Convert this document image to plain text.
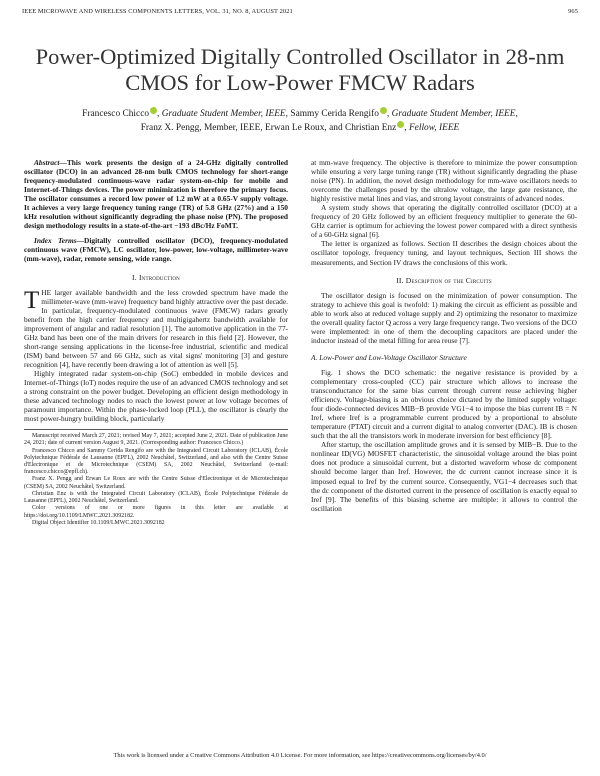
IEEE MICROWAVE AND WIRELESS COMPONENTS LETTERS, VOL. 31, NO. 8, AUGUST 2021	965
Power-Optimized Digitally Controlled Oscillator in 28-nm CMOS for Low-Power FMCW Radars
Francesco Chicco , Graduate Student Member, IEEE, Sammy Cerida Rengifo , Graduate Student Member, IEEE,
Franz X. Pengg, Member, IEEE, Erwan Le Roux, and Christian Enz , Fellow, IEEE

Abstract—This work presents the design of a 24-GHz digitally controlled oscillator (DCO) in an advanced 28-nm bulk CMOS technology for short-range frequency-modulated continuous-wave radar system-on-chip for mobile and Internet-of-Things devices. The power minimization is therefore the primary focus. The oscillator consumes a record low power of 1.2 mW at a 0.65-V supply voltage. It achieves a very large frequency tuning range (TR) of 5.8 GHz (27%) and a 150 kHz resolution without significantly degrading the phase noise (PN). The proposed design methodology results in a state-of-the-art −193 dBc/Hz FoMT.

Index Terms—Digitally controlled oscillator (DCO), frequency-modulated continuous wave (FMCW), LC oscillator, low-power, low-voltage, millimeter-wave (mm-wave), radar, remote sensing, wide range.

I. Introduction

THE larger available bandwidth and the less crowded spectrum have made the millimeter-wave (mm-wave) frequency band highly attractive over the past decade. In particular, frequency-modulated continuous wave (FMCW) radars greatly benefit from the high carrier frequency and multigigahertz bandwidth available for improvement of angular and radial resolution [1]. The automotive application in the 77-GHz band has been one of the main drivers for research in this field [2]. However, the short-range sensing applications in the license-free industrial, scientific and medical (ISM) band between 57 and 66 GHz, such as vital signs' monitoring [3] and gesture recognition [4], have recently been drawing a lot of attention as well [5].

Highly integrated radar system-on-chip (SoC) embedded in mobile devices and Internet-of-Things (IoT) nodes require the use of an advanced CMOS technology and set a strong constraint on the power budget. Developing an efficient design methodology in these advanced technology nodes to reach the lowest power at low voltage becomes of paramount importance. Within the phase-locked loop (PLL), the oscillator is clearly the most power-hungry building block, particularly

Manuscript received March 27, 2021; revised May 7, 2021; accepted June 2, 2021. Date of publication June 24, 2021; date of current version August 9, 2021. (Corresponding author: Francesco Chicco.)

Francesco Chicco and Sammy Cerida Rengifo are with the Integrated Circuit Laboratory (ICLAB), École Polytechnique Fédérale de Lausanne (EPFL), 2002 Neuchâtel, Switzerland, and also with the Centre Suisse d'Electronique et de Microtechnique (CSEM) SA, 2002 Neuchâtel, Switzerland (e-mail: francesco.chicco@epfl.ch).

Franz X. Pengg and Erwan Le Roux are with the Centre Suisse d'Electronique et de Microtechnique (CSEM) SA, 2002 Neuchâtel, Switzerland.

Christian Enz is with the Integrated Circuit Laboratory (ICLAB), École Polytechnique Fédérale de Lausanne (EPFL), 2002 Neuchâtel, Switzerland.

Color versions of one or more figures in this letter are available at https://doi.org/10.1109/LMWC.2021.3092182.

Digital Object Identifier 10.1109/LMWC.2021.3092182

at mm-wave frequency. The objective is therefore to minimize the power consumption while ensuring a very large tuning range (TR) without significantly degrading the phase noise (PN). In addition, the novel design methodology for mm-wave oscillators needs to overcome the challenges posed by the ultralow voltage, the large gate resistance, the highly resistive metal lines and vias, and strong layout constraints of advanced nodes.

A system study shows that operating the digitally controlled oscillator (DCO) at a frequency of 20 GHz followed by an efficient frequency multiplier to generate the 60-GHz carrier is optimum for achieving the lowest power compared with a direct synthesis of a 60-GHz signal [6].

The letter is organized as follows. Section II describes the design choices about the oscillator topology, frequency tuning, and layout techniques, Section III shows the measurements, and Section IV draws the conclusions of this work.

II. Description of the Circuits

The oscillator design is focused on the minimization of power consumption. The strategy to achieve this goal is twofold: 1) making the circuit as efficient as possible and able to work also at reduced voltage supply and 2) optimizing the resonator to maximize the overall quality factor Q across a very large frequency range. Two versions of the DCO were implemented: in one of them the decoupling capacitors are placed under the inductor instead of the metal filling for area reuse [7].

A. Low-Power and Low-Voltage Oscillator Structure

Fig. 1 shows the DCO schematic: the negative resistance is provided by a complementary cross-coupled (CC) pair structure which allows to increase the transconductance for the same bias current through current reuse achieving higher efficiency. Voltage-biasing is an obvious choice dictated by the limited supply voltage: four diode-connected devices MIB−B provide VG1−4 to impose the bias current IB = N Iref, where Iref is a programmable current produced by a proportional to absolute temperature (PTAT) circuit and a current digital to analog converter (DAC). IB is chosen such that the all the transistors work in moderate inversion for best efficiency [8].

After startup, the oscillation amplitude grows and it is sensed by MIB−B. Due to the nonlinear ID(VG) MOSFET characteristic, the sinusoidal voltage around the bias point does not produce a sinusoidal current, but a distorted waveform whose dc component should become larger than Iref. However, the dc current cannot increase since it is imposed equal to Iref by the current source. Consequently, VG1−4 decreases such that the dc component of the distorted current in the presence of oscillation is exactly equal to Iref [9]. The benefits of this biasing scheme are multiple: it allows to control the oscillation

This work is licensed under a Creative Commons Attribution 4.0 License. For more information, see https://creativecommons.org/licenses/by/4.0/
